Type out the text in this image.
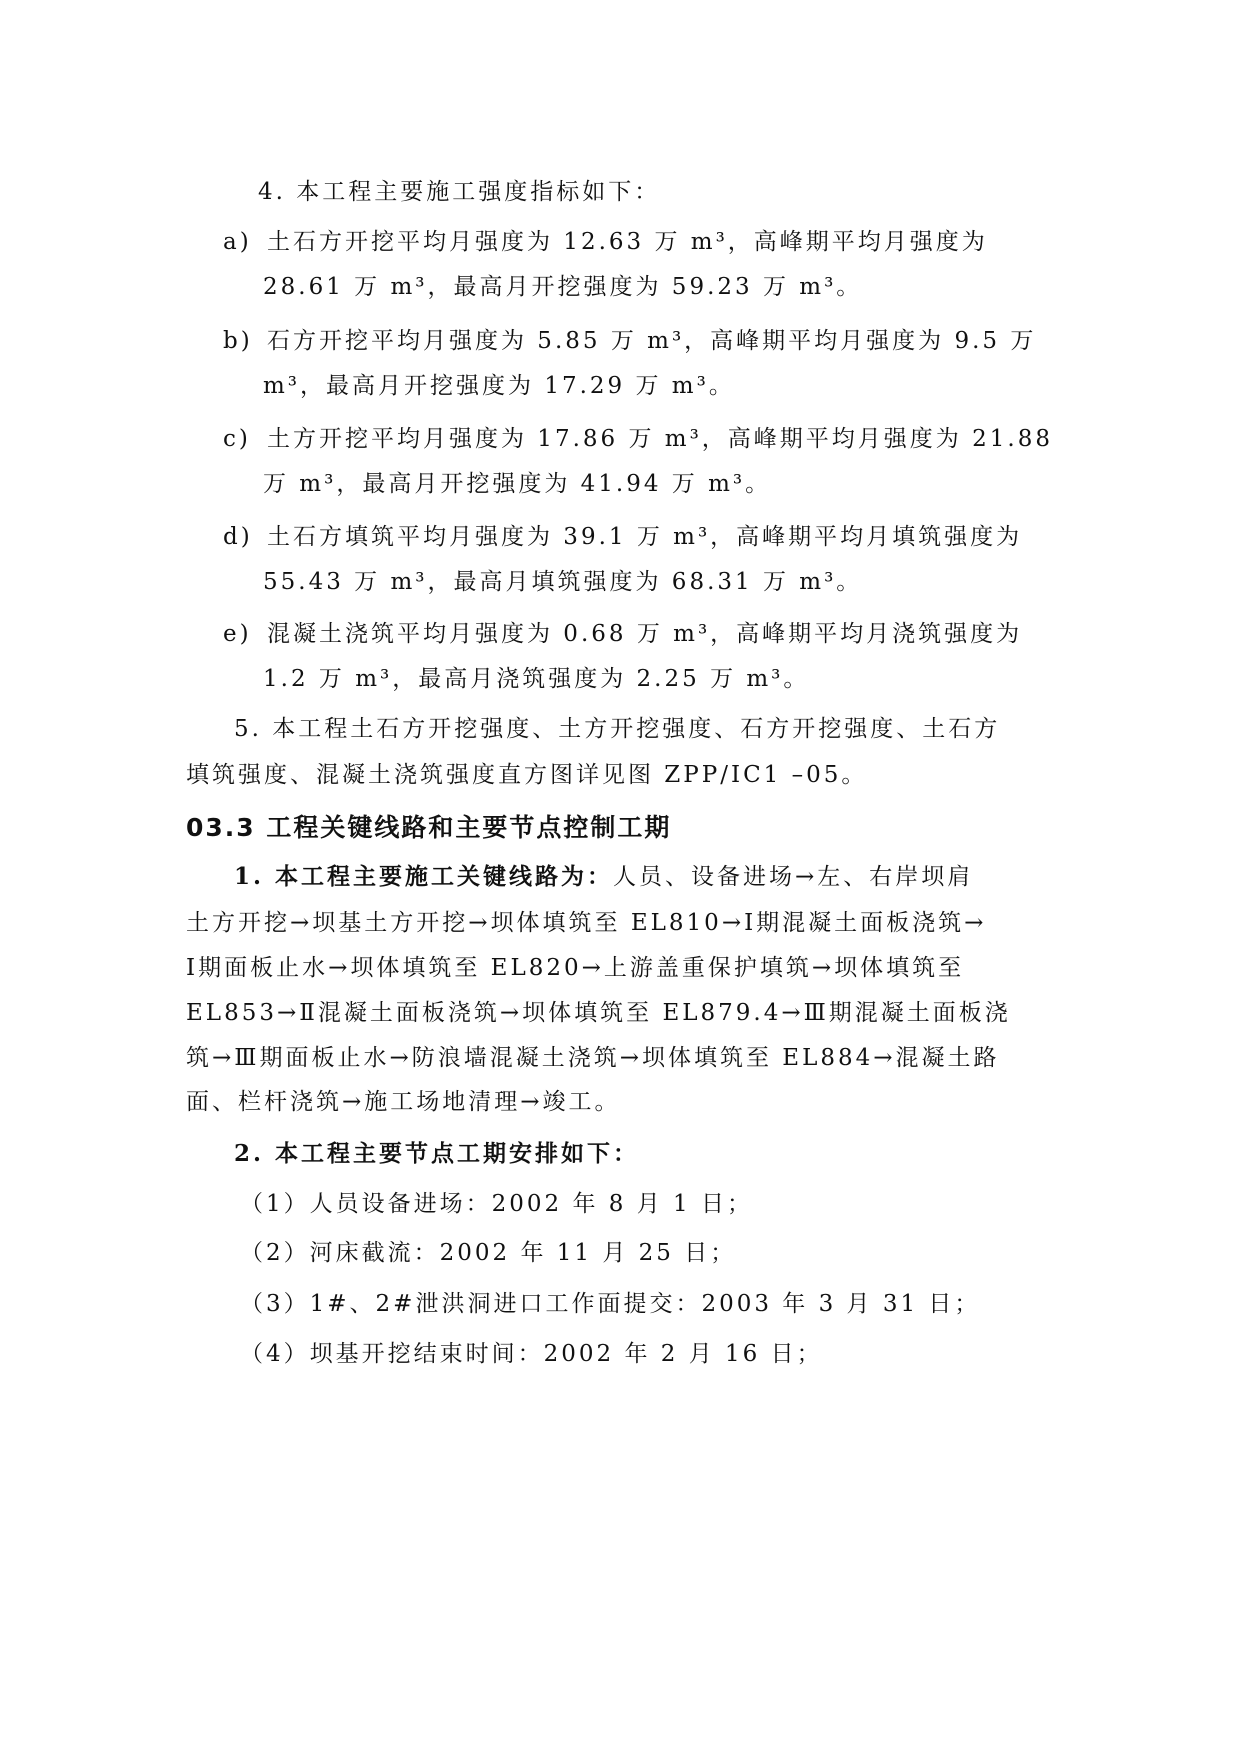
4. 本工程主要施工强度指标如下：
a) 土石方开挖平均月强度为 12.63 万 m³，高峰期平均月强度为
28.61 万 m³，最高月开挖强度为 59.23 万 m³。
b) 石方开挖平均月强度为 5.85 万 m³，高峰期平均月强度为 9.5 万
m³，最高月开挖强度为 17.29 万 m³。
c) 土方开挖平均月强度为 17.86 万 m³，高峰期平均月强度为 21.88
万 m³，最高月开挖强度为 41.94 万 m³。
d) 土石方填筑平均月强度为 39.1 万 m³，高峰期平均月填筑强度为
55.43 万 m³，最高月填筑强度为 68.31 万 m³。
e) 混凝土浇筑平均月强度为 0.68 万 m³，高峰期平均月浇筑强度为
1.2 万 m³，最高月浇筑强度为 2.25 万 m³。
5. 本工程土石方开挖强度、土方开挖强度、石方开挖强度、土石方
填筑强度、混凝土浇筑强度直方图详见图 ZPP/IC1 –05。
03.3 工程关键线路和主要节点控制工期
1. 本工程主要施工关键线路为：人员、设备进场→左、右岸坝肩
土方开挖→坝基土方开挖→坝体填筑至 EL810→Ⅰ期混凝土面板浇筑→
Ⅰ期面板止水→坝体填筑至 EL820→上游盖重保护填筑→坝体填筑至
EL853→Ⅱ混凝土面板浇筑→坝体填筑至 EL879.4→Ⅲ期混凝土面板浇
筑→Ⅲ期面板止水→防浪墙混凝土浇筑→坝体填筑至 EL884→混凝土路
面、栏杆浇筑→施工场地清理→竣工。
2. 本工程主要节点工期安排如下：
（1）人员设备进场：2002 年 8 月 1 日；
（2）河床截流：2002 年 11 月 25 日；
（3）1#、2#泄洪洞进口工作面提交：2003 年 3 月 31 日；
（4）坝基开挖结束时间：2002 年 2 月 16 日；
